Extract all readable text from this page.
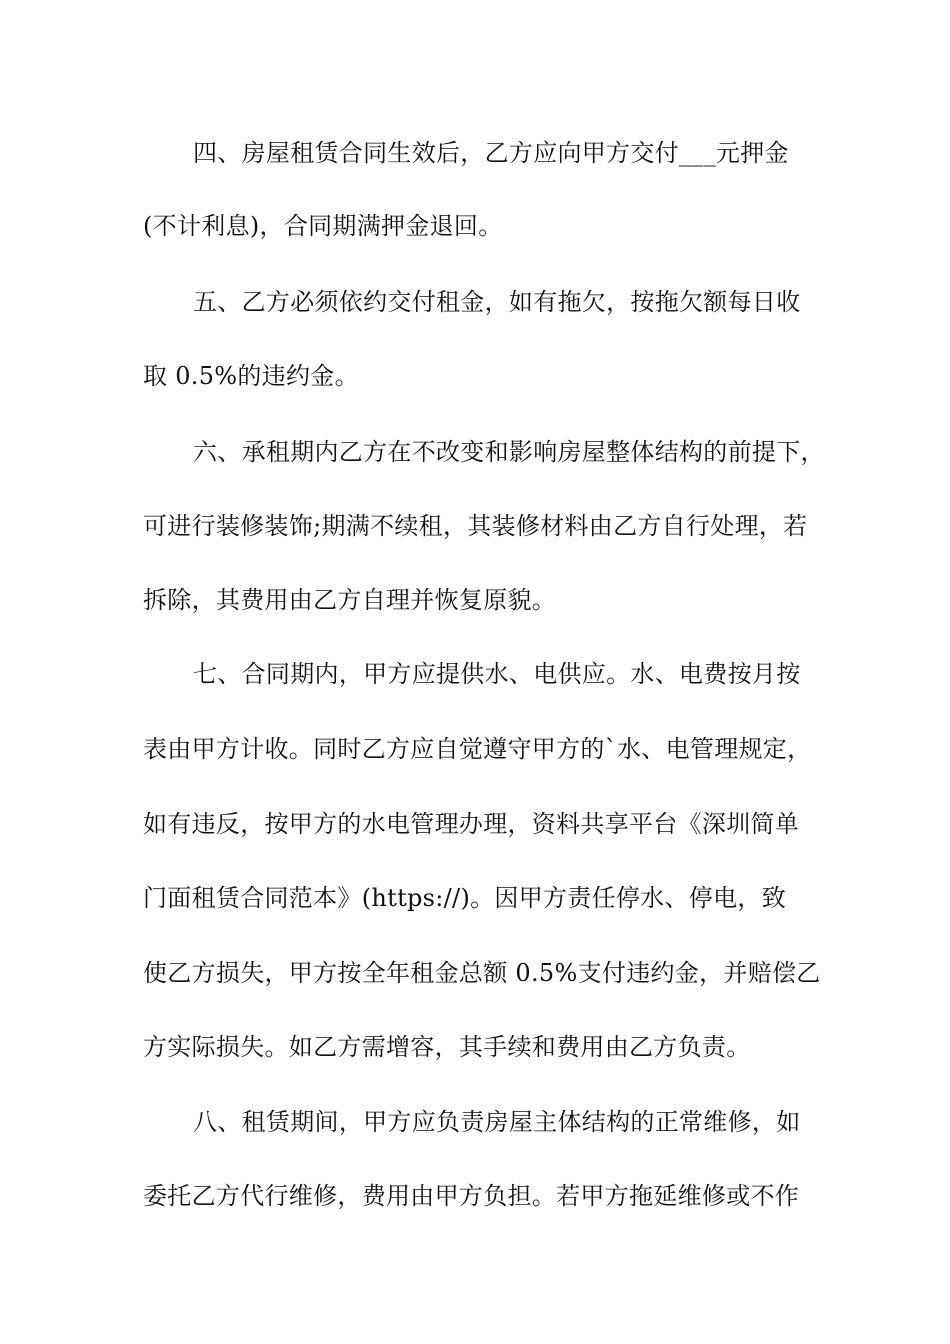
四、房屋租赁合同生效后，乙方应向甲方交付___元押金
(不计利息)，合同期满押金退回。
五、乙方必须依约交付租金，如有拖欠，按拖欠额每日收
取 0.5%的违约金。
六、承租期内乙方在不改变和影响房屋整体结构的前提下，
可进行装修装饰;期满不续租，其装修材料由乙方自行处理，若
拆除，其费用由乙方自理并恢复原貌。
七、合同期内，甲方应提供水、电供应。水、电费按月按
表由甲方计收。同时乙方应自觉遵守甲方的`水、电管理规定，
如有违反，按甲方的水电管理办理，资料共享平台《深圳简单
门面租赁合同范本》(https://)。因甲方责任停水、停电，致
使乙方损失，甲方按全年租金总额 0.5%支付违约金，并赔偿乙
方实际损失。如乙方需增容，其手续和费用由乙方负责。
八、租赁期间，甲方应负责房屋主体结构的正常维修，如
委托乙方代行维修，费用由甲方负担。若甲方拖延维修或不作
